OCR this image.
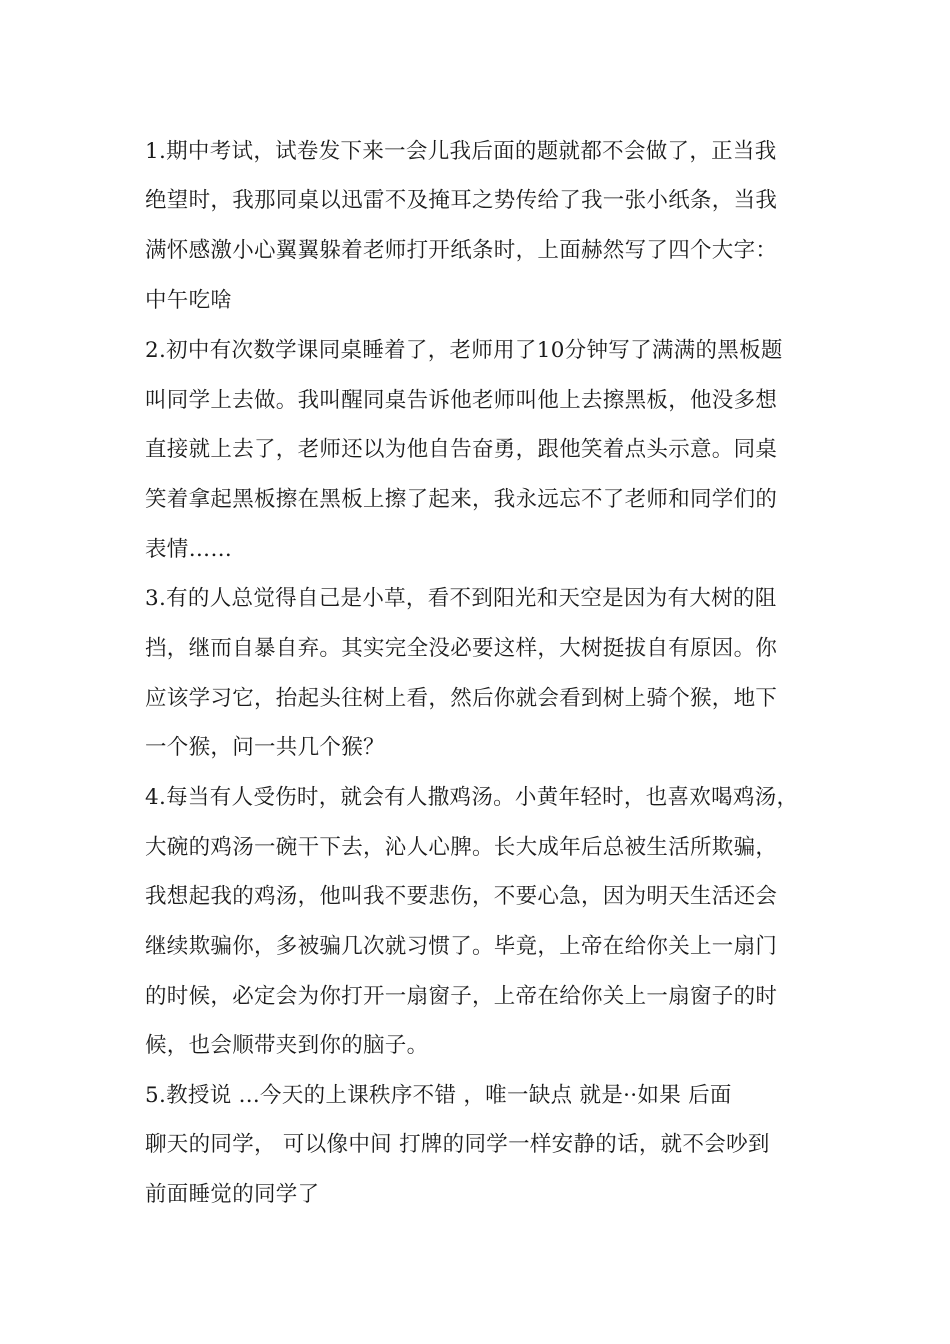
1.期中考试，试卷发下来一会儿我后面的题就都不会做了，正当我
绝望时，我那同桌以迅雷不及掩耳之势传给了我一张小纸条，当我
满怀感激小心翼翼躲着老师打开纸条时，上面赫然写了四个大字：
中午吃啥
2.初中有次数学课同桌睡着了，老师用了10分钟写了满满的黑板题
叫同学上去做。我叫醒同桌告诉他老师叫他上去擦黑板，他没多想
直接就上去了，老师还以为他自告奋勇，跟他笑着点头示意。同桌
笑着拿起黑板擦在黑板上擦了起来，我永远忘不了老师和同学们的
表情……
3.有的人总觉得自己是小草，看不到阳光和天空是因为有大树的阻
挡，继而自暴自弃。其实完全没必要这样，大树挺拔自有原因。你
应该学习它，抬起头往树上看，然后你就会看到树上骑个猴，地下
一个猴，问一共几个猴？
4.每当有人受伤时，就会有人撒鸡汤。小黄年轻时，也喜欢喝鸡汤，
大碗的鸡汤一碗干下去，沁人心脾。长大成年后总被生活所欺骗，
我想起我的鸡汤，他叫我不要悲伤，不要心急，因为明天生活还会
继续欺骗你，多被骗几次就习惯了。毕竟，上帝在给你关上一扇门
的时候，必定会为你打开一扇窗子，上帝在给你关上一扇窗子的时
候，也会顺带夹到你的脑子。
5.教授说 ...今天的上课秩序不错 ，唯一缺点 就是··如果 后面
聊天的同学， 可以像中间 打牌的同学一样安静的话，就不会吵到
前面睡觉的同学了
